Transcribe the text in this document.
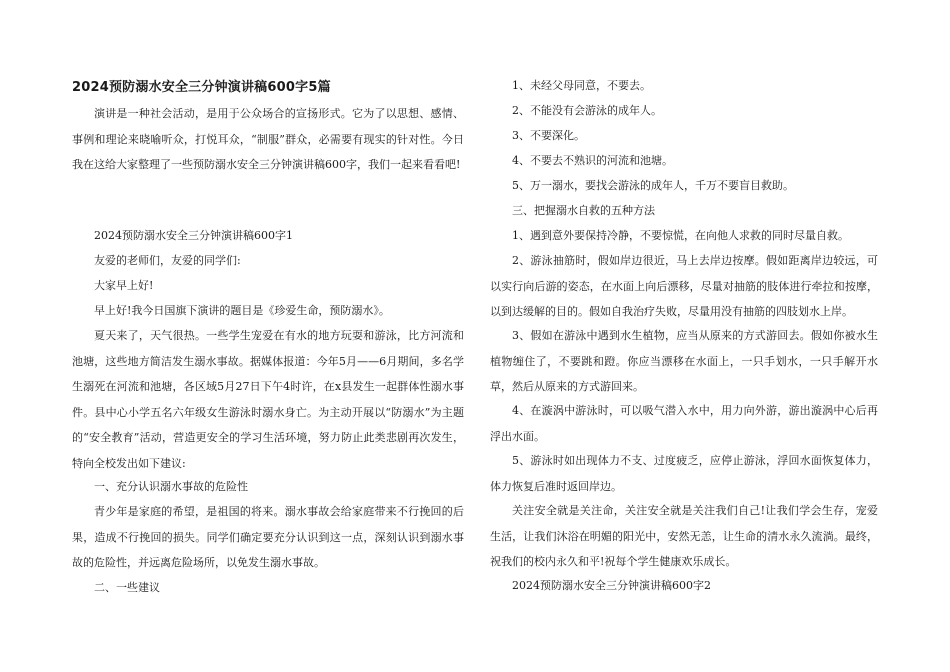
2024预防溺水安全三分钟演讲稿600字5篇

演讲是一种社会活动，是用于公众场合的宣扬形式。它为了以思想、感情、事例和理论来晓喻听众，打悦耳众，“制服”群众，必需要有现实的针对性。今日我在这给大家整理了一些预防溺水安全三分钟演讲稿600字，我们一起来看看吧!

2024预防溺水安全三分钟演讲稿600字1

友爱的老师们，友爱的同学们:

大家早上好!

早上好!我今日国旗下演讲的题目是《珍爱生命，预防溺水》。

夏天来了，天气很热。一些学生宠爱在有水的地方玩耍和游泳，比方河流和池塘，这些地方简洁发生溺水事故。据媒体报道：今年5月——6月期间，多名学生溺死在河流和池塘，各区域5月27日下午4时许，在x县发生一起群体性溺水事件。县中心小学五名六年级女生游泳时溺水身亡。为主动开展以“防溺水”为主题的“安全教育”活动，营造更安全的学习生活环境，努力防止此类悲剧再次发生，特向全校发出如下建议:

一、充分认识溺水事故的危险性

青少年是家庭的希望，是祖国的将来。溺水事故会给家庭带来不行挽回的后果，造成不行挽回的损失。同学们确定要充分认识到这一点，深刻认识到溺水事故的危险性，并远离危险场所，以免发生溺水事故。

二、一些建议

1、未经父母同意，不要去。

2、不能没有会游泳的成年人。

3、不要深化。

4、不要去不熟识的河流和池塘。

5、万一溺水，要找会游泳的成年人，千万不要盲目救助。

三、把握溺水自救的五种方法

1、遇到意外要保持冷静，不要惊慌，在向他人求救的同时尽量自救。

2、游泳抽筋时，假如岸边很近，马上去岸边按摩。假如距离岸边较远，可以实行向后游的姿态，在水面上向后漂移，尽量对抽筋的肢体进行牵拉和按摩，以到达缓解的目的。假如自我治疗失败，尽量用没有抽筋的四肢划水上岸。

3、假如在游泳中遇到水生植物，应当从原来的方式游回去。假如你被水生植物缠住了，不要跳和蹬。你应当漂移在水面上，一只手划水，一只手解开水草，然后从原来的方式游回来。

4、在漩涡中游泳时，可以吸气潜入水中，用力向外游，游出漩涡中心后再浮出水面。

5、游泳时如出现体力不支、过度疲乏，应停止游泳，浮回水面恢复体力，体力恢复后准时返回岸边。

关注安全就是关注命，关注安全就是关注我们自己!让我们学会生存，宠爱生活，让我们沐浴在明媚的阳光中，安然无恙，让生命的清水永久流淌。最终，祝我们的校内永久和平!祝每个学生健康欢乐成长。

2024预防溺水安全三分钟演讲稿600字2
